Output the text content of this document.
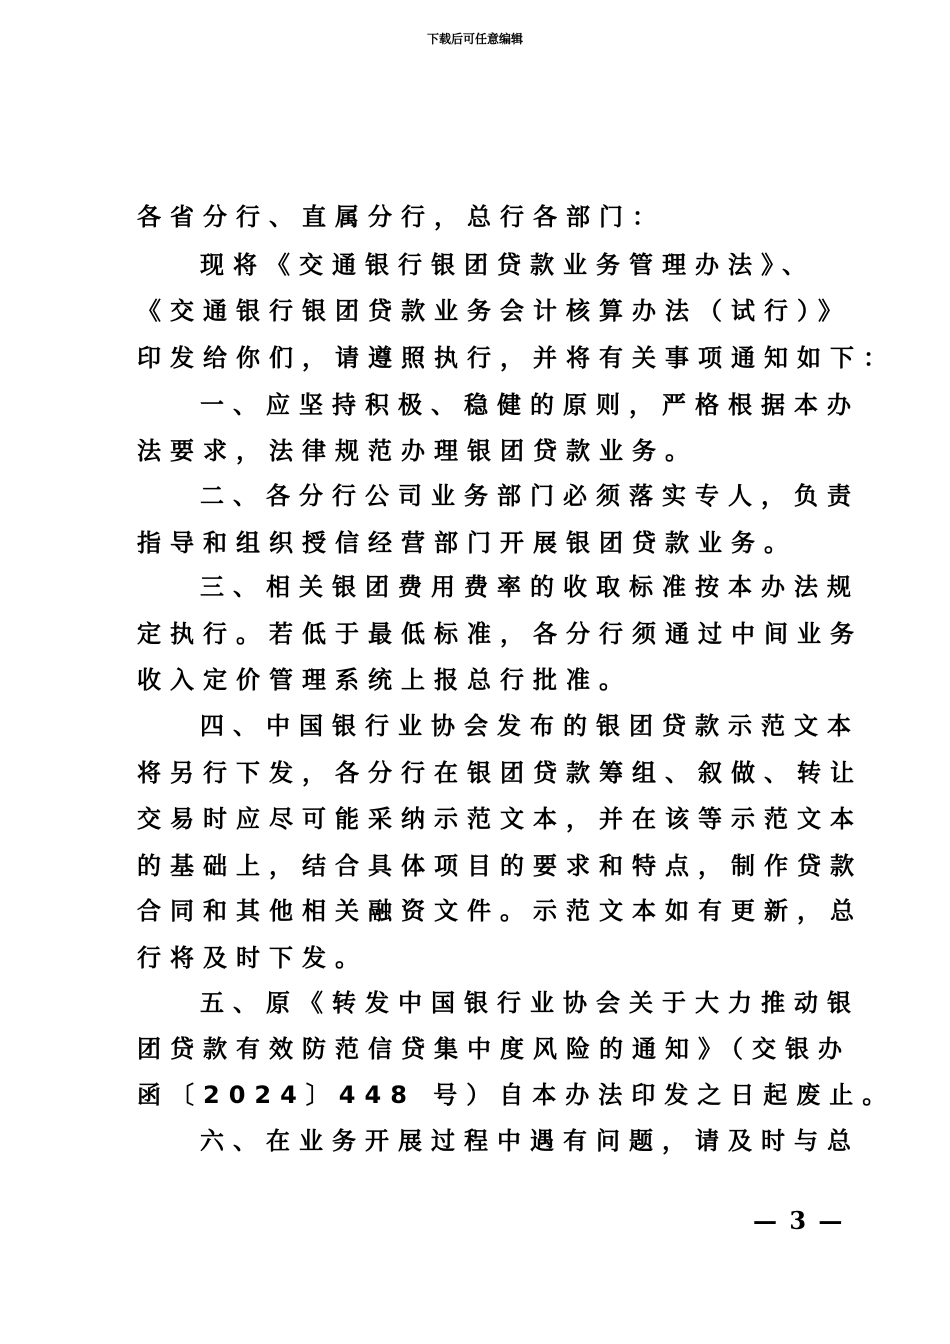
下载后可任意编辑
各省分行、直属分行，总行各部门：
现将《交通银行银团贷款业务管理办法》、
《交通银行银团贷款业务会计核算办法（试行）》
印发给你们，请遵照执行，并将有关事项通知如下：
一、应坚持积极、稳健的原则，严格根据本办
法要求，法律规范办理银团贷款业务。
二、各分行公司业务部门必须落实专人，负责
指导和组织授信经营部门开展银团贷款业务。
三、相关银团费用费率的收取标准按本办法规
定执行。若低于最低标准，各分行须通过中间业务
收入定价管理系统上报总行批准。
四、中国银行业协会发布的银团贷款示范文本
将另行下发，各分行在银团贷款筹组、叙做、转让
交易时应尽可能采纳示范文本，并在该等示范文本
的基础上，结合具体项目的要求和特点，制作贷款
合同和其他相关融资文件。示范文本如有更新，总
行将及时下发。
五、原《转发中国银行业协会关于大力推动银
团贷款有效防范信贷集中度风险的通知》（交银办
函〔2024〕448 号）自本办法印发之日起废止。
六、在业务开展过程中遇有问题，请及时与总
— 3 —
